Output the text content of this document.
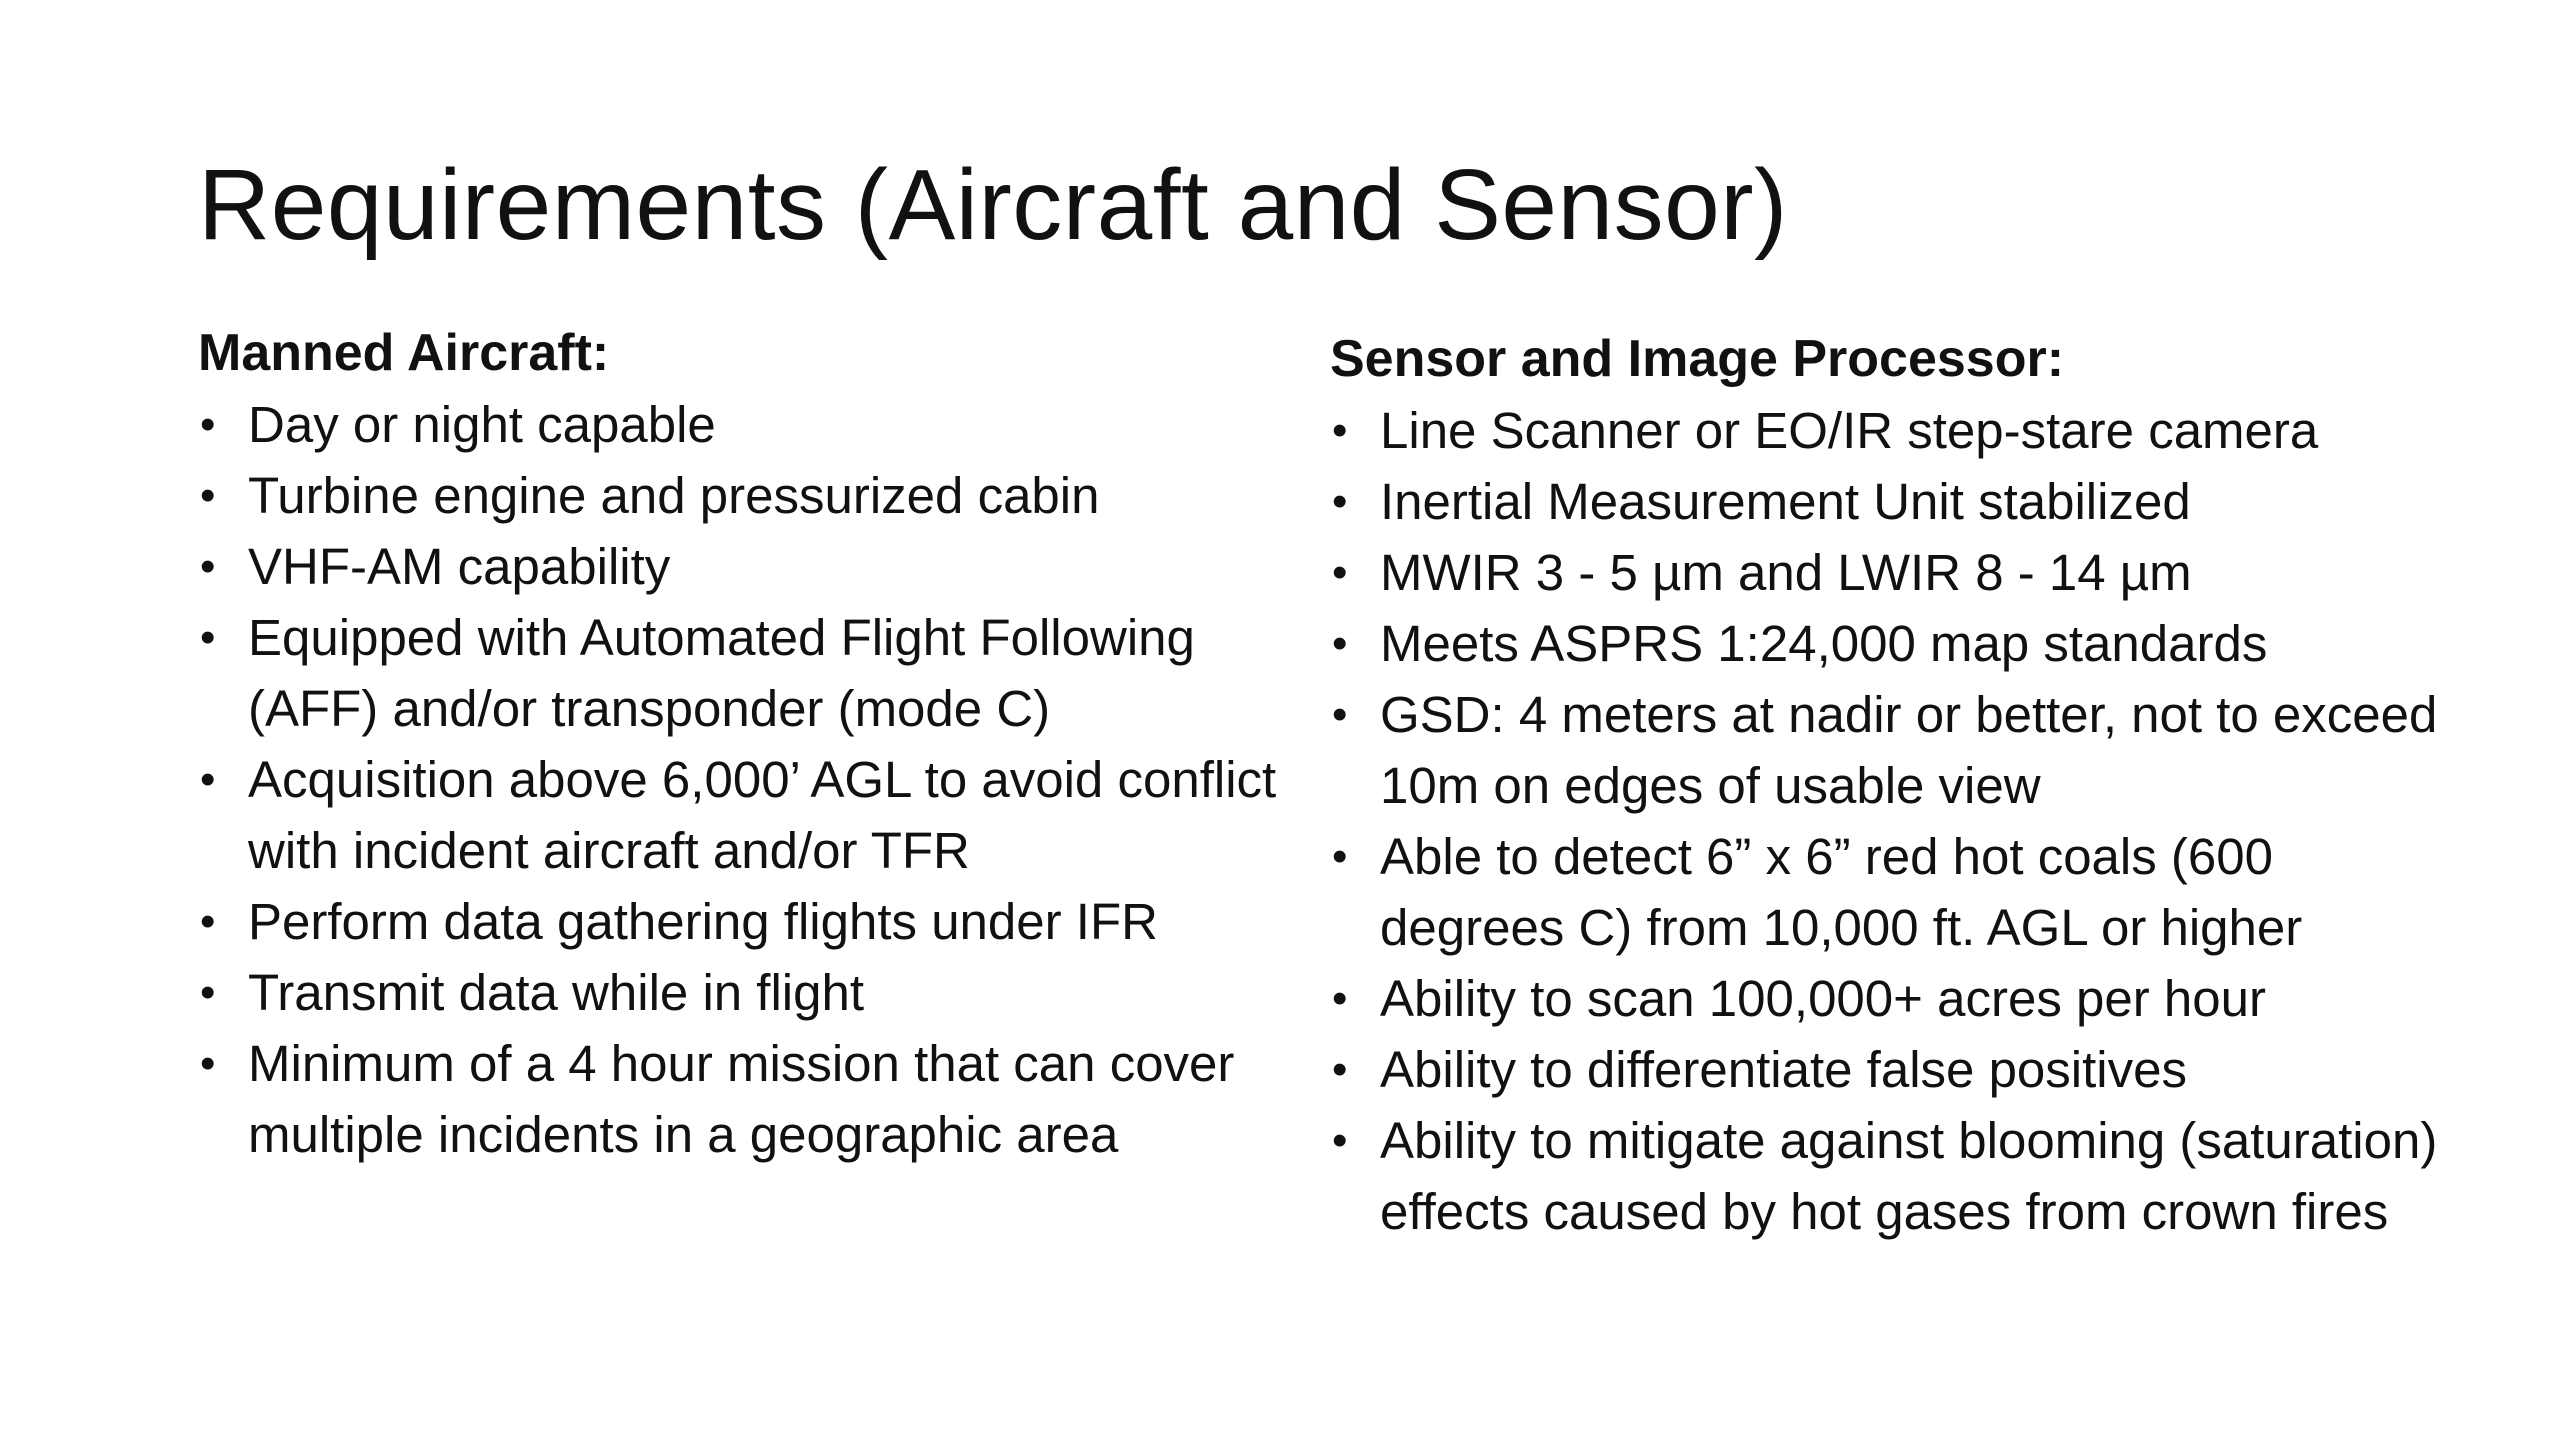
Requirements (Aircraft and Sensor)
Manned Aircraft:
• Day or night capable
• Turbine engine and pressurized cabin
• VHF-AM capability
• Equipped with Automated Flight Following (AFF) and/or transponder (mode C)
• Acquisition above 6,000’ AGL to avoid conflict with incident aircraft and/or TFR
• Perform data gathering flights under IFR
• Transmit data while in flight
• Minimum of a 4 hour mission that can cover multiple incidents in a geographic area
Sensor and Image Processor:
• Line Scanner or EO/IR step-stare camera
• Inertial Measurement Unit stabilized
• MWIR 3 - 5 µm and LWIR 8 - 14 µm
• Meets ASPRS 1:24,000 map standards
• GSD: 4 meters at nadir or better, not to exceed 10m on edges of usable view
• Able to detect 6” x 6” red hot coals (600 degrees C) from 10,000 ft. AGL or higher
• Ability to scan 100,000+ acres per hour
• Ability to differentiate false positives
• Ability to mitigate against blooming (saturation) effects caused by hot gases from crown fires
